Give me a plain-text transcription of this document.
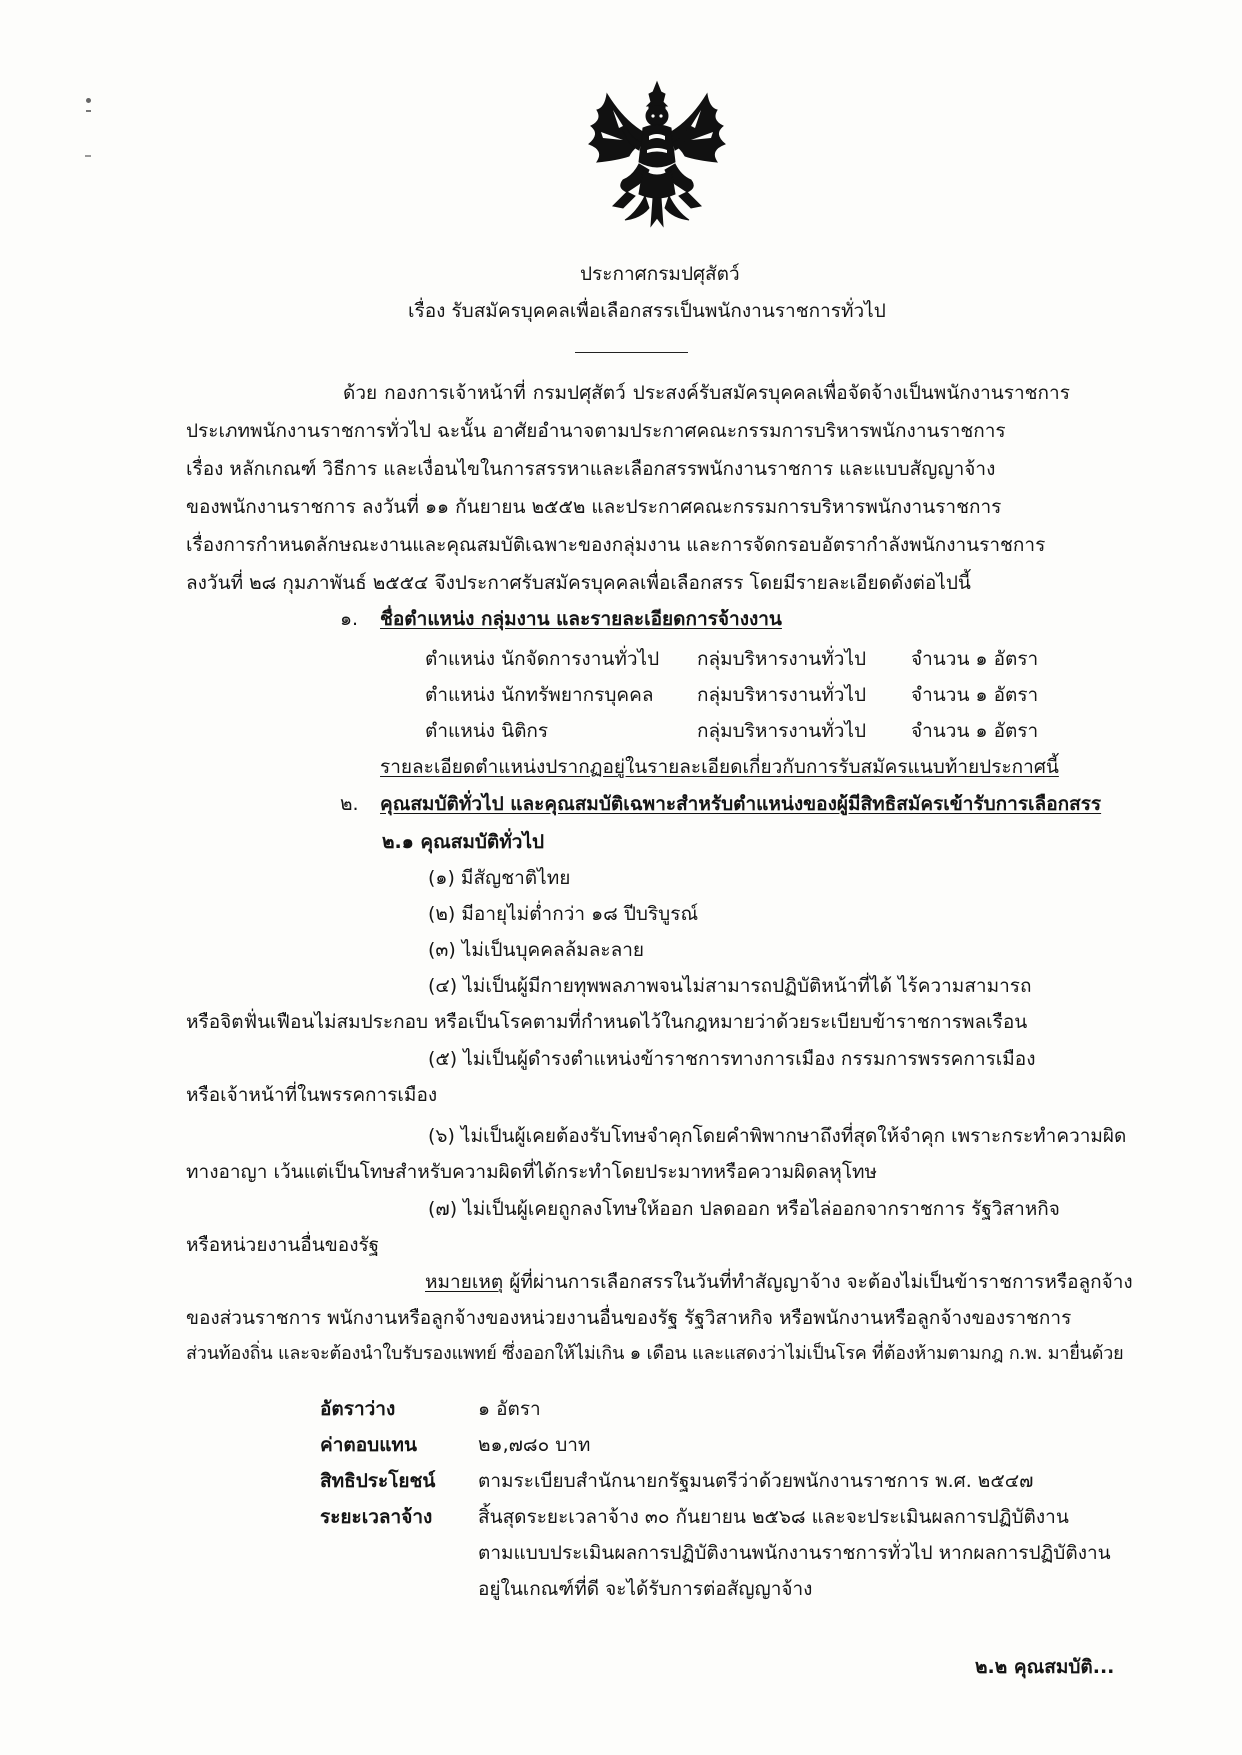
ประกาศกรมปศุสัตว์
เรื่อง รับสมัครบุคคลเพื่อเลือกสรรเป็นพนักงานราชการทั่วไป
ด้วย กองการเจ้าหน้าที่ กรมปศุสัตว์ ประสงค์รับสมัครบุคคลเพื่อจัดจ้างเป็นพนักงานราชการ
ประเภทพนักงานราชการทั่วไป ฉะนั้น อาศัยอำนาจตามประกาศคณะกรรมการบริหารพนักงานราชการ
เรื่อง หลักเกณฑ์ วิธีการ และเงื่อนไขในการสรรหาและเลือกสรรพนักงานราชการ และแบบสัญญาจ้าง
ของพนักงานราชการ ลงวันที่ ๑๑ กันยายน ๒๕๕๒ และประกาศคณะกรรมการบริหารพนักงานราชการ
เรื่องการกำหนดลักษณะงานและคุณสมบัติเฉพาะของกลุ่มงาน และการจัดกรอบอัตรากำลังพนักงานราชการ
ลงวันที่ ๒๘ กุมภาพันธ์ ๒๕๕๔ จึงประกาศรับสมัครบุคคลเพื่อเลือกสรร โดยมีรายละเอียดดังต่อไปนี้
๑. ชื่อตำแหน่ง กลุ่มงาน และรายละเอียดการจ้างงาน
ตำแหน่ง นักจัดการงานทั่วไป กลุ่มบริหารงานทั่วไป จำนวน ๑ อัตรา
ตำแหน่ง นักทรัพยากรบุคคล กลุ่มบริหารงานทั่วไป จำนวน ๑ อัตรา
ตำแหน่ง นิติกร	กลุ่มบริหารงานทั่วไป จำนวน ๑ อัตรา
รายละเอียดตำแหน่งปรากฏอยู่ในรายละเอียดเกี่ยวกับการรับสมัครแนบท้ายประกาศนี้
๒. คุณสมบัติทั่วไป และคุณสมบัติเฉพาะสำหรับตำแหน่งของผู้มีสิทธิสมัครเข้ารับการเลือกสรร
๒.๑ คุณสมบัติทั่วไป
(๑) มีสัญชาติไทย
(๒) มีอายุไม่ต่ำกว่า ๑๘ ปีบริบูรณ์
(๓) ไม่เป็นบุคคลล้มละลาย
(๔) ไม่เป็นผู้มีกายทุพพลภาพจนไม่สามารถปฏิบัติหน้าที่ได้ ไร้ความสามารถ
หรือจิตฟั่นเฟือนไม่สมประกอบ หรือเป็นโรคตามที่กำหนดไว้ในกฎหมายว่าด้วยระเบียบข้าราชการพลเรือน
(๕) ไม่เป็นผู้ดำรงตำแหน่งข้าราชการทางการเมือง กรรมการพรรคการเมือง
หรือเจ้าหน้าที่ในพรรคการเมือง
(๖) ไม่เป็นผู้เคยต้องรับโทษจำคุกโดยคำพิพากษาถึงที่สุดให้จำคุก เพราะกระทำความผิด
ทางอาญา เว้นแต่เป็นโทษสำหรับความผิดที่ได้กระทำโดยประมาทหรือความผิดลหุโทษ
(๗) ไม่เป็นผู้เคยถูกลงโทษให้ออก ปลดออก หรือไล่ออกจากราชการ รัฐวิสาหกิจ
หรือหน่วยงานอื่นของรัฐ
หมายเหตุ ผู้ที่ผ่านการเลือกสรรในวันที่ทำสัญญาจ้าง จะต้องไม่เป็นข้าราชการหรือลูกจ้าง
ของส่วนราชการ พนักงานหรือลูกจ้างของหน่วยงานอื่นของรัฐ รัฐวิสาหกิจ หรือพนักงานหรือลูกจ้างของราชการ
ส่วนท้องถิ่น และจะต้องนำใบรับรองแพทย์ ซึ่งออกให้ไม่เกิน ๑ เดือน และแสดงว่าไม่เป็นโรค ที่ต้องห้ามตามกฎ ก.พ. มายื่นด้วย
อัตราว่าง	๑ อัตรา
ค่าตอบแทน	๒๑,๗๘๐ บาท
สิทธิประโยชน์ ตามระเบียบสำนักนายกรัฐมนตรีว่าด้วยพนักงานราชการ พ.ศ. ๒๕๔๗
ระยะเวลาจ้าง สิ้นสุดระยะเวลาจ้าง ๓๐ กันยายน ๒๕๖๘ และจะประเมินผลการปฏิบัติงาน
ตามแบบประเมินผลการปฏิบัติงานพนักงานราชการทั่วไป หากผลการปฏิบัติงาน
อยู่ในเกณฑ์ที่ดี จะได้รับการต่อสัญญาจ้าง
๒.๒ คุณสมบัติ...
